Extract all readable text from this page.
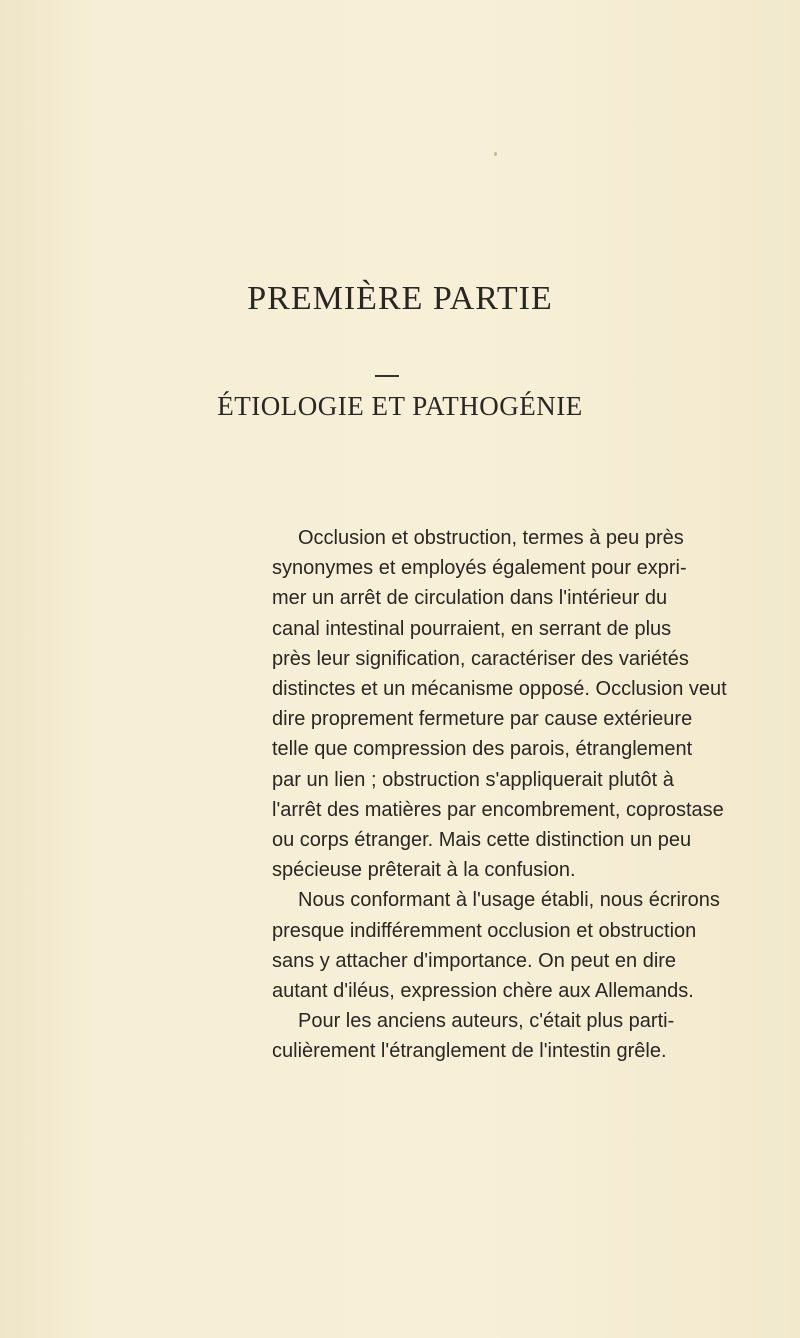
PREMIÈRE PARTIE
ÉTIOLOGIE ET PATHOGÉNIE

Occlusion et obstruction, termes à peu près
synonymes et employés également pour expri-
mer un arrêt de circulation dans l'intérieur du
canal intestinal pourraient, en serrant de plus
près leur signification, caractériser des variétés
distinctes et un mécanisme opposé. Occlusion veut
dire proprement fermeture par cause extérieure
telle que compression des parois, étranglement
par un lien ; obstruction s'appliquerait plutôt à
l'arrêt des matières par encombrement, coprostase
ou corps étranger. Mais cette distinction un peu
spécieuse prêterait à la confusion.
Nous conformant à l'usage établi, nous écrirons
presque indifféremment occlusion et obstruction
sans y attacher d'importance. On peut en dire
autant d'iléus, expression chère aux Allemands.
Pour les anciens auteurs, c'était plus parti-
culièrement l'étranglement de l'intestin grêle.
